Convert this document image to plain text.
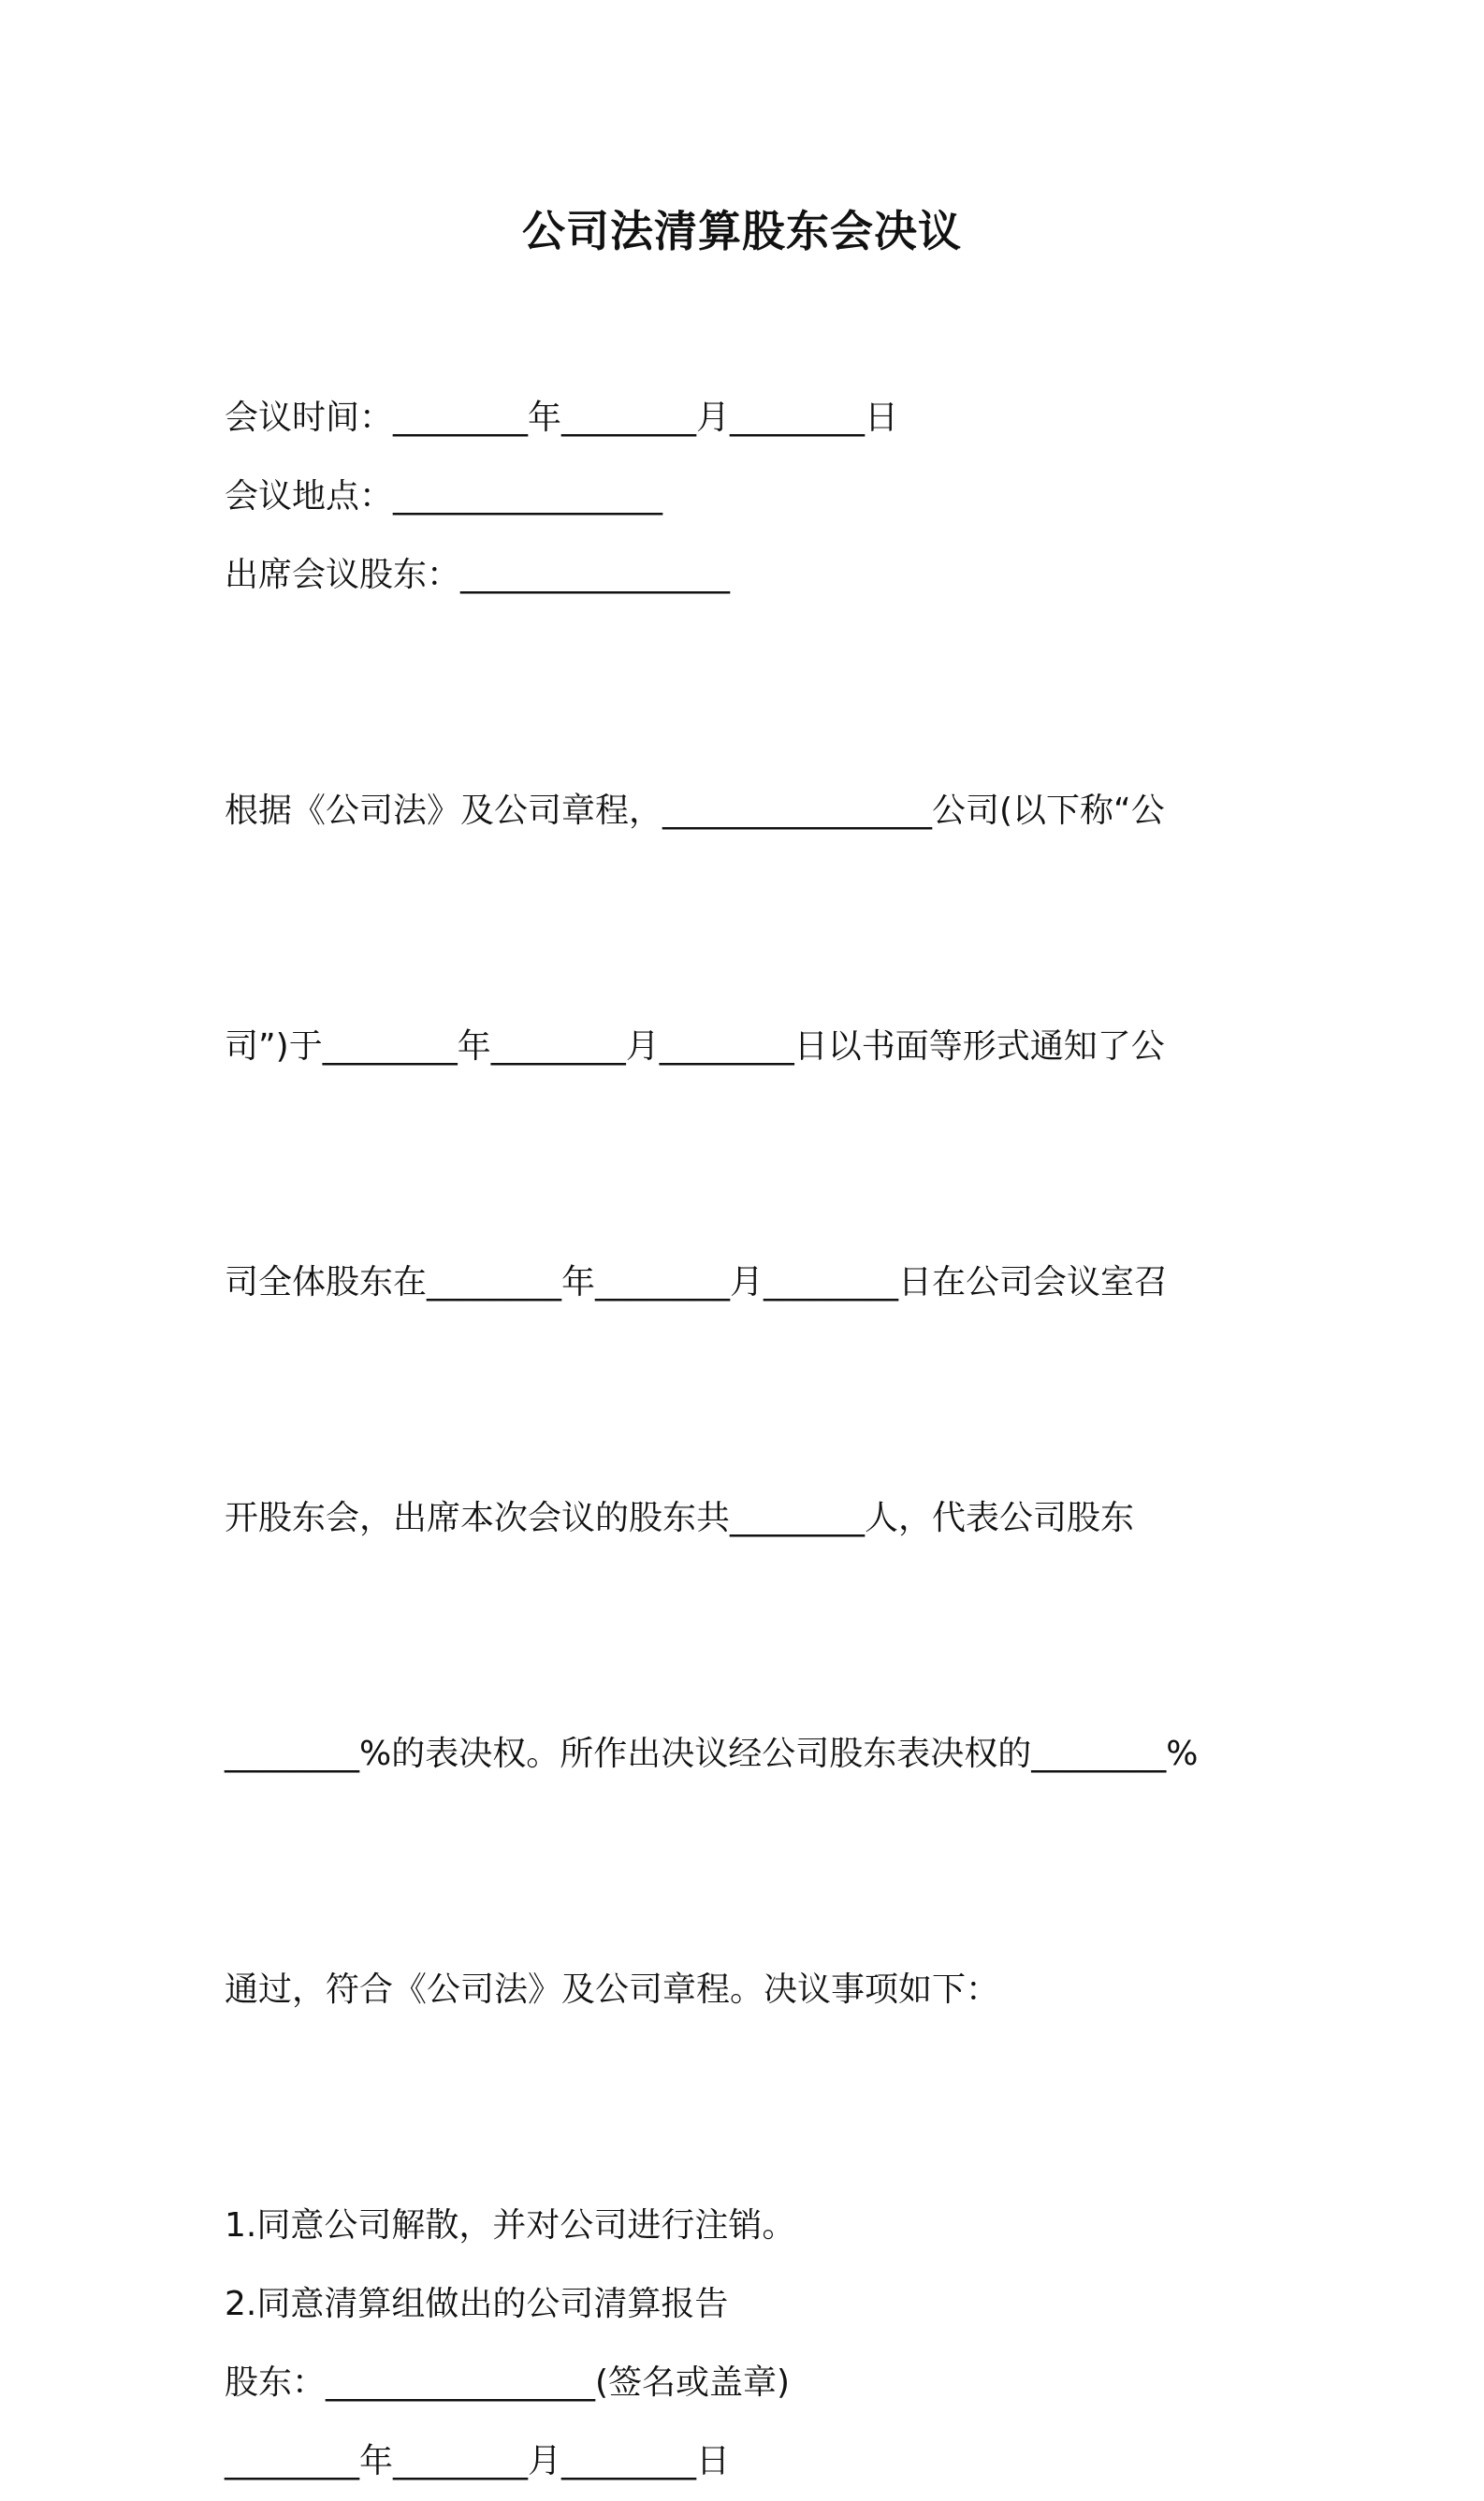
公司法清算股东会决议
会议时间：________年________月________日
会议地点：________________
出席会议股东：________________

根据《公司法》及公司章程，________________公司(以下称“公

司”)于________年________月________日以书面等形式通知了公

司全体股东在________年________月________日在公司会议室召

开股东会，出席本次会议的股东共________人，代表公司股东

________%的表决权。所作出决议经公司股东表决权的________%

通过，符合《公司法》及公司章程。决议事项如下：

1.同意公司解散，并对公司进行注销。
2.同意清算组做出的公司清算报告
股东：________________(签名或盖章)
________年________月________日
